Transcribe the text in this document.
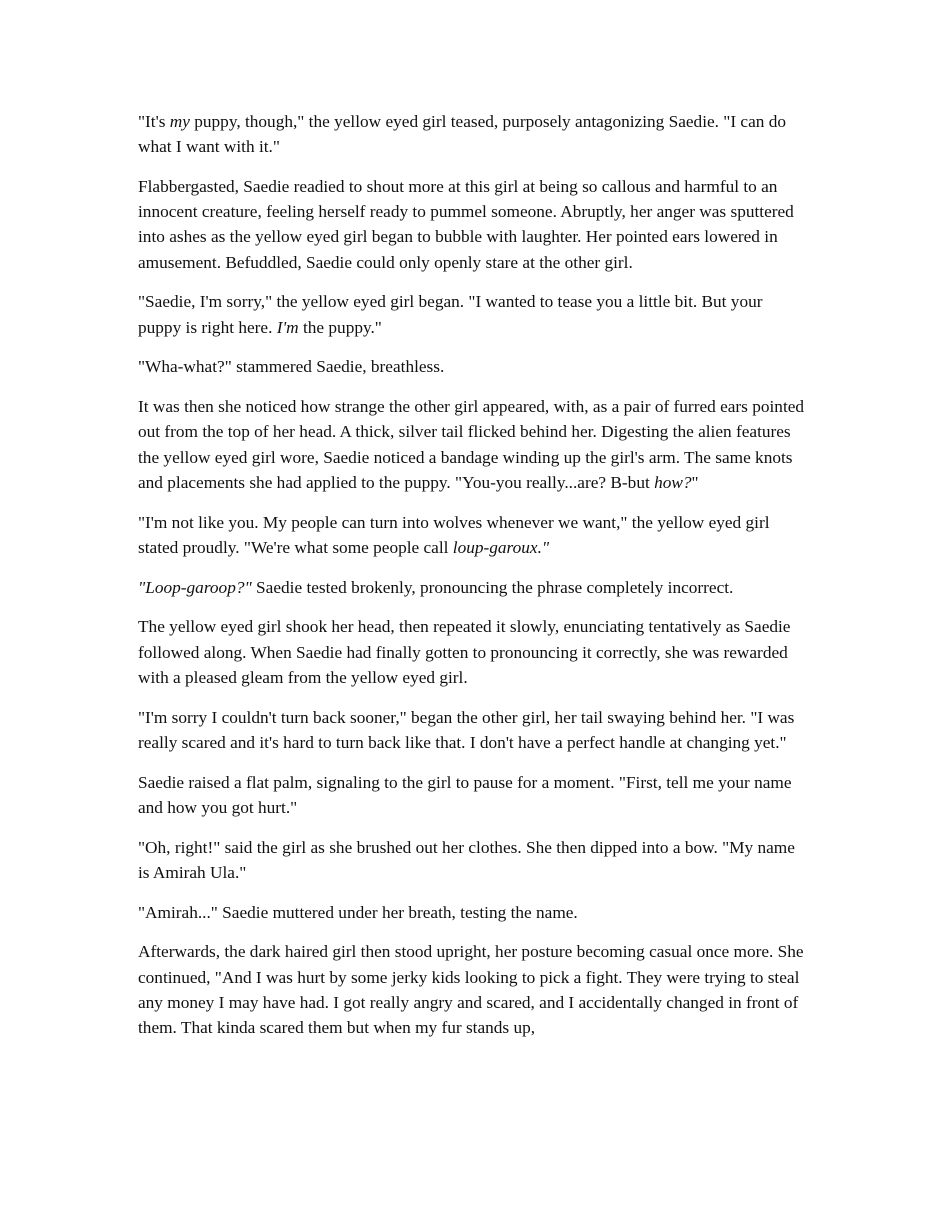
"It's my puppy, though," the yellow eyed girl teased, purposely antagonizing Saedie. "I can do what I want with it."

Flabbergasted, Saedie readied to shout more at this girl at being so callous and harmful to an innocent creature, feeling herself ready to pummel someone. Abruptly, her anger was sputtered into ashes as the yellow eyed girl began to bubble with laughter. Her pointed ears lowered in amusement. Befuddled, Saedie could only openly stare at the other girl.

"Saedie, I'm sorry," the yellow eyed girl began. "I wanted to tease you a little bit. But your puppy is right here. I'm the puppy."

"Wha-what?" stammered Saedie, breathless.

It was then she noticed how strange the other girl appeared, with, as a pair of furred ears pointed out from the top of her head. A thick, silver tail flicked behind her. Digesting the alien features the yellow eyed girl wore, Saedie noticed a bandage winding up the girl's arm. The same knots and placements she had applied to the puppy. "You-you really...are? B-but how?"

"I'm not like you. My people can turn into wolves whenever we want," the yellow eyed girl stated proudly. "We're what some people call loup-garoux."

"Loop-garoop?" Saedie tested brokenly, pronouncing the phrase completely incorrect.

The yellow eyed girl shook her head, then repeated it slowly, enunciating tentatively as Saedie followed along. When Saedie had finally gotten to pronouncing it correctly, she was rewarded with a pleased gleam from the yellow eyed girl.

"I'm sorry I couldn't turn back sooner," began the other girl, her tail swaying behind her. "I was really scared and it's hard to turn back like that. I don't have a perfect handle at changing yet."

Saedie raised a flat palm, signaling to the girl to pause for a moment. "First, tell me your name and how you got hurt."

"Oh, right!" said the girl as she brushed out her clothes. She then dipped into a bow. "My name is Amirah Ula."

"Amirah..." Saedie muttered under her breath, testing the name.

Afterwards, the dark haired girl then stood upright, her posture becoming casual once more. She continued, "And I was hurt by some jerky kids looking to pick a fight. They were trying to steal any money I may have had. I got really angry and scared, and I accidentally changed in front of them. That kinda scared them but when my fur stands up,
